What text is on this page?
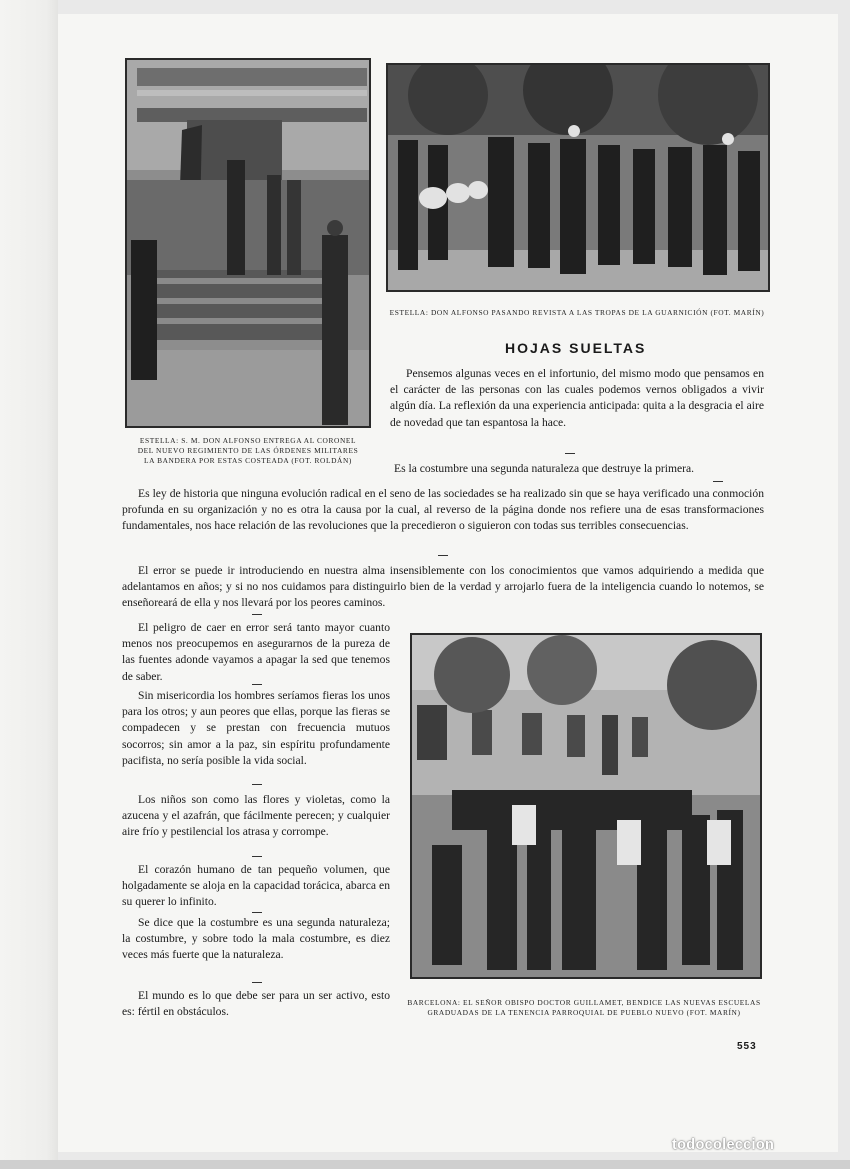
ESTELLA: S. M. DON ALFONSO ENTREGA AL CORONEL DEL NUEVO REGIMIENTO DE LAS ÓRDENES MILITARES LA BANDERA POR ESTAS COSTEADA (FOT. ROLDÁN)
ESTELLA: DON ALFONSO PASANDO REVISTA A LAS TROPAS DE LA GUARNICIÓN (FOT. MARÍN)
BARCELONA: EL SEÑOR OBISPO DOCTOR GUILLAMET, BENDICE LAS NUEVAS ESCUELAS GRADUADAS DE LA TENENCIA PARROQUIAL DE PUEBLO NUEVO (FOT. MARÍN)
HOJAS SUELTAS

Pensemos algunas veces en el infortunio, del mismo modo que pensamos en el carácter de las personas con las cuales podemos vernos obligados a vivir algún día. La reflexión da una experiencia anticipada: quita a la desgracia el aire de novedad que tan espantosa la hace.

Es la costumbre una segunda naturaleza que destruye la primera.

Es ley de historia que ninguna evolución radical en el seno de las sociedades se ha realizado sin que se haya verificado una conmoción profunda en su organización y no es otra la causa por la cual, al reverso de la página donde nos refiere una de esas transformaciones fundamentales, nos hace relación de las revoluciones que la precedieron o siguieron con todas sus terribles consecuencias.

El error se puede ir introduciendo en nuestra alma insensiblemente con los conocimientos que vamos adquiriendo a medida que adelantamos en años; y si no nos cuidamos para distinguirlo bien de la verdad y arrojarlo fuera de la inteligencia cuando lo notemos, se enseñoreará de ella y nos llevará por los peores caminos.

El peligro de caer en error será tanto mayor cuanto menos nos preocupemos en asegurarnos de la pureza de las fuentes adonde vayamos a apagar la sed que tenemos de saber.

Sin misericordia los hombres seríamos fieras los unos para los otros; y aun peores que ellas, porque las fieras se compadecen y se prestan con frecuencia mutuos socorros; sin amor a la paz, sin espíritu profundamente pacifista, no sería posible la vida social.

Los niños son como las flores y violetas, como la azucena y el azafrán, que fácilmente perecen; y cualquier aire frío y pestilencial los atrasa y corrompe.

El corazón humano de tan pequeño volumen, que holgadamente se aloja en la capacidad torácica, abarca en su querer lo infinito.

Se dice que la costumbre es una segunda naturaleza; la costumbre, y sobre todo la mala costumbre, es diez veces más fuerte que la naturaleza.

El mundo es lo que debe ser para un ser activo, esto es: fértil en obstáculos.

553
todocoleccion
